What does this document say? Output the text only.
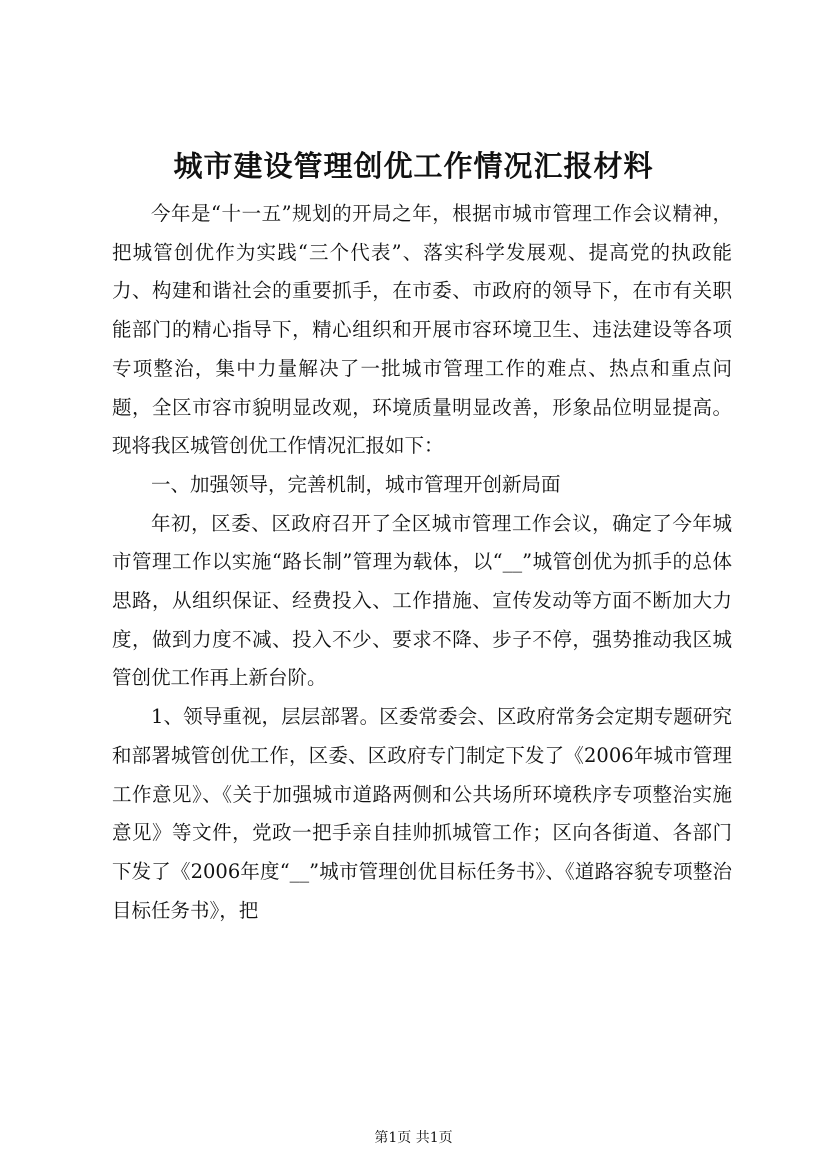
城市建设管理创优工作情况汇报材料

今年是“十一五”规划的开局之年，根据市城市管理工作会议精神，把城管创优作为实践“三个代表”、落实科学发展观、提高党的执政能力、构建和谐社会的重要抓手，在市委、市政府的领导下，在市有关职能部门的精心指导下，精心组织和开展市容环境卫生、违法建设等各项专项整治，集中力量解决了一批城市管理工作的难点、热点和重点问题，全区市容市貌明显改观，环境质量明显改善，形象品位明显提高。现将我区城管创优工作情况汇报如下：

一、加强领导，完善机制，城市管理开创新局面

年初，区委、区政府召开了全区城市管理工作会议，确定了今年城市管理工作以实施“路长制”管理为载体，以“__”城管创优为抓手的总体思路，从组织保证、经费投入、工作措施、宣传发动等方面不断加大力度，做到力度不减、投入不少、要求不降、步子不停，强势推动我区城管创优工作再上新台阶。

1、领导重视，层层部署。区委常委会、区政府常务会定期专题研究和部署城管创优工作，区委、区政府专门制定下发了《2006年城市管理工作意见》、《关于加强城市道路两侧和公共场所环境秩序专项整治实施意见》等文件，党政一把手亲自挂帅抓城管工作；区向各街道、各部门下发了《2006年度“__”城市管理创优目标任务书》、《道路容貌专项整治目标任务书》，把

第1页 共1页
